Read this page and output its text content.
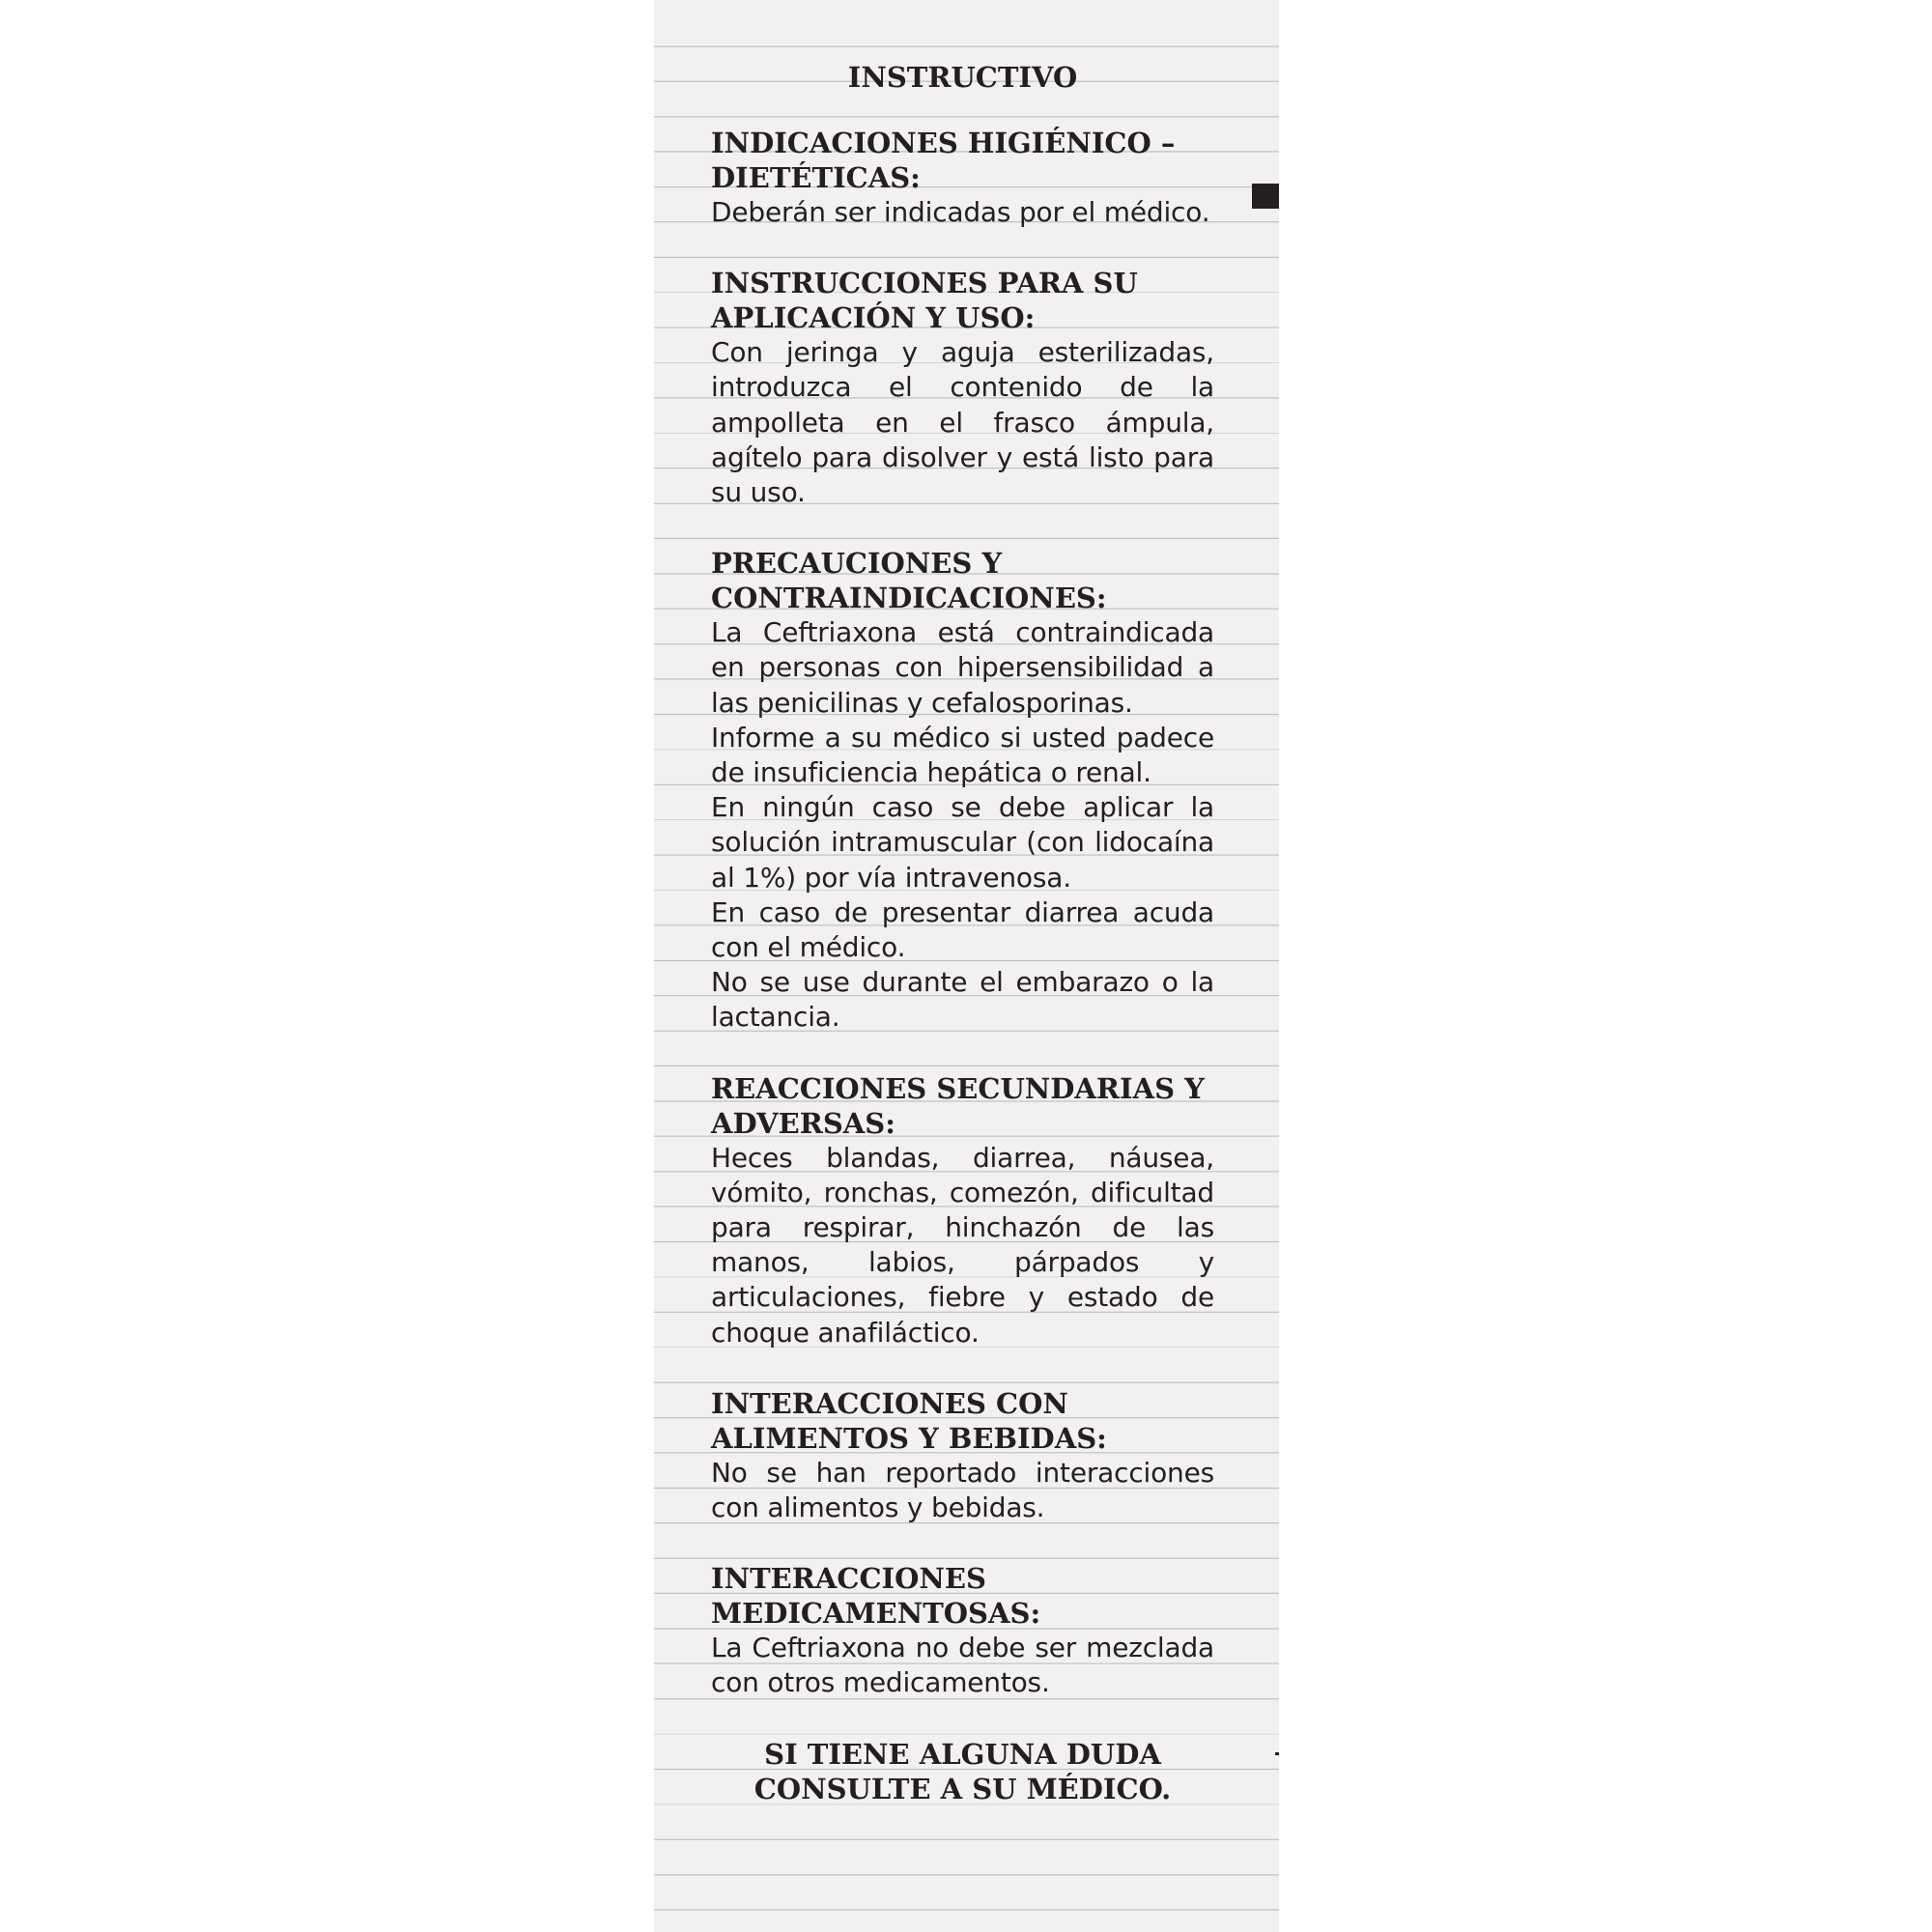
INSTRUCTIVO
INDICACIONES HIGIÉNICO – DIETÉTICAS:

Deberán ser indicadas por el médico.

INSTRUCCIONES PARA SU APLICACIÓN Y USO:

Con jeringa y aguja esterilizadas, introduzca el contenido de la ampolleta en el frasco ámpula, agítelo para disolver y está listo para su uso.

PRECAUCIONES Y CONTRAINDICACIONES:

La Ceftriaxona está contraindicada en personas con hipersensibilidad a las penicilinas y cefalosporinas.

Informe a su médico si usted padece de insuficiencia hepática o renal.

En ningún caso se debe aplicar la solución intramuscular (con lidocaína al 1%) por vía intravenosa.

En caso de presentar diarrea acuda con el médico.

No se use durante el embarazo o la lactancia.

REACCIONES SECUNDARIAS Y ADVERSAS:

Heces blandas, diarrea, náusea, vómito, ronchas, comezón, dificultad para respirar, hinchazón de las manos, labios, párpados y articulaciones, fiebre y estado de choque anafiláctico.

INTERACCIONES CON ALIMENTOS Y BEBIDAS:

No se han reportado interacciones con alimentos y bebidas.

INTERACCIONES MEDICAMENTOSAS:

La Ceftriaxona no debe ser mezclada con otros medicamentos.

SI TIENE ALGUNA DUDA CONSULTE A SU MÉDICO.
